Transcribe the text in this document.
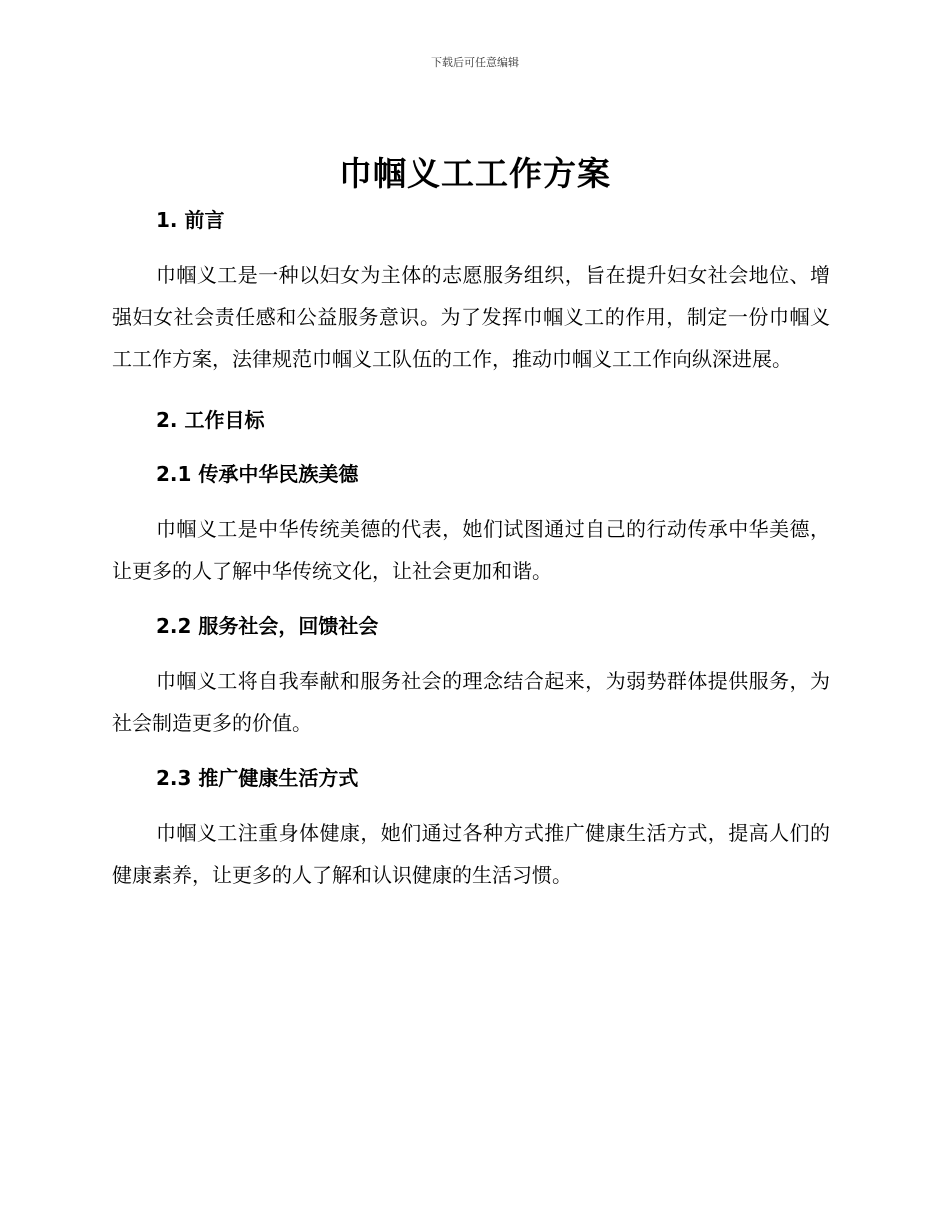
下载后可任意编辑
巾帼义工工作方案

1. 前言

巾帼义工是一种以妇女为主体的志愿服务组织，旨在提升妇女社会地位、增强妇女社会责任感和公益服务意识。为了发挥巾帼义工的作用，制定一份巾帼义工工作方案，法律规范巾帼义工队伍的工作，推动巾帼义工工作向纵深进展。

2. 工作目标

2.1 传承中华民族美德

巾帼义工是中华传统美德的代表，她们试图通过自己的行动传承中华美德，让更多的人了解中华传统文化，让社会更加和谐。

2.2 服务社会，回馈社会

巾帼义工将自我奉献和服务社会的理念结合起来，为弱势群体提供服务，为社会制造更多的价值。

2.3 推广健康生活方式

巾帼义工注重身体健康，她们通过各种方式推广健康生活方式，提高人们的健康素养，让更多的人了解和认识健康的生活习惯。
